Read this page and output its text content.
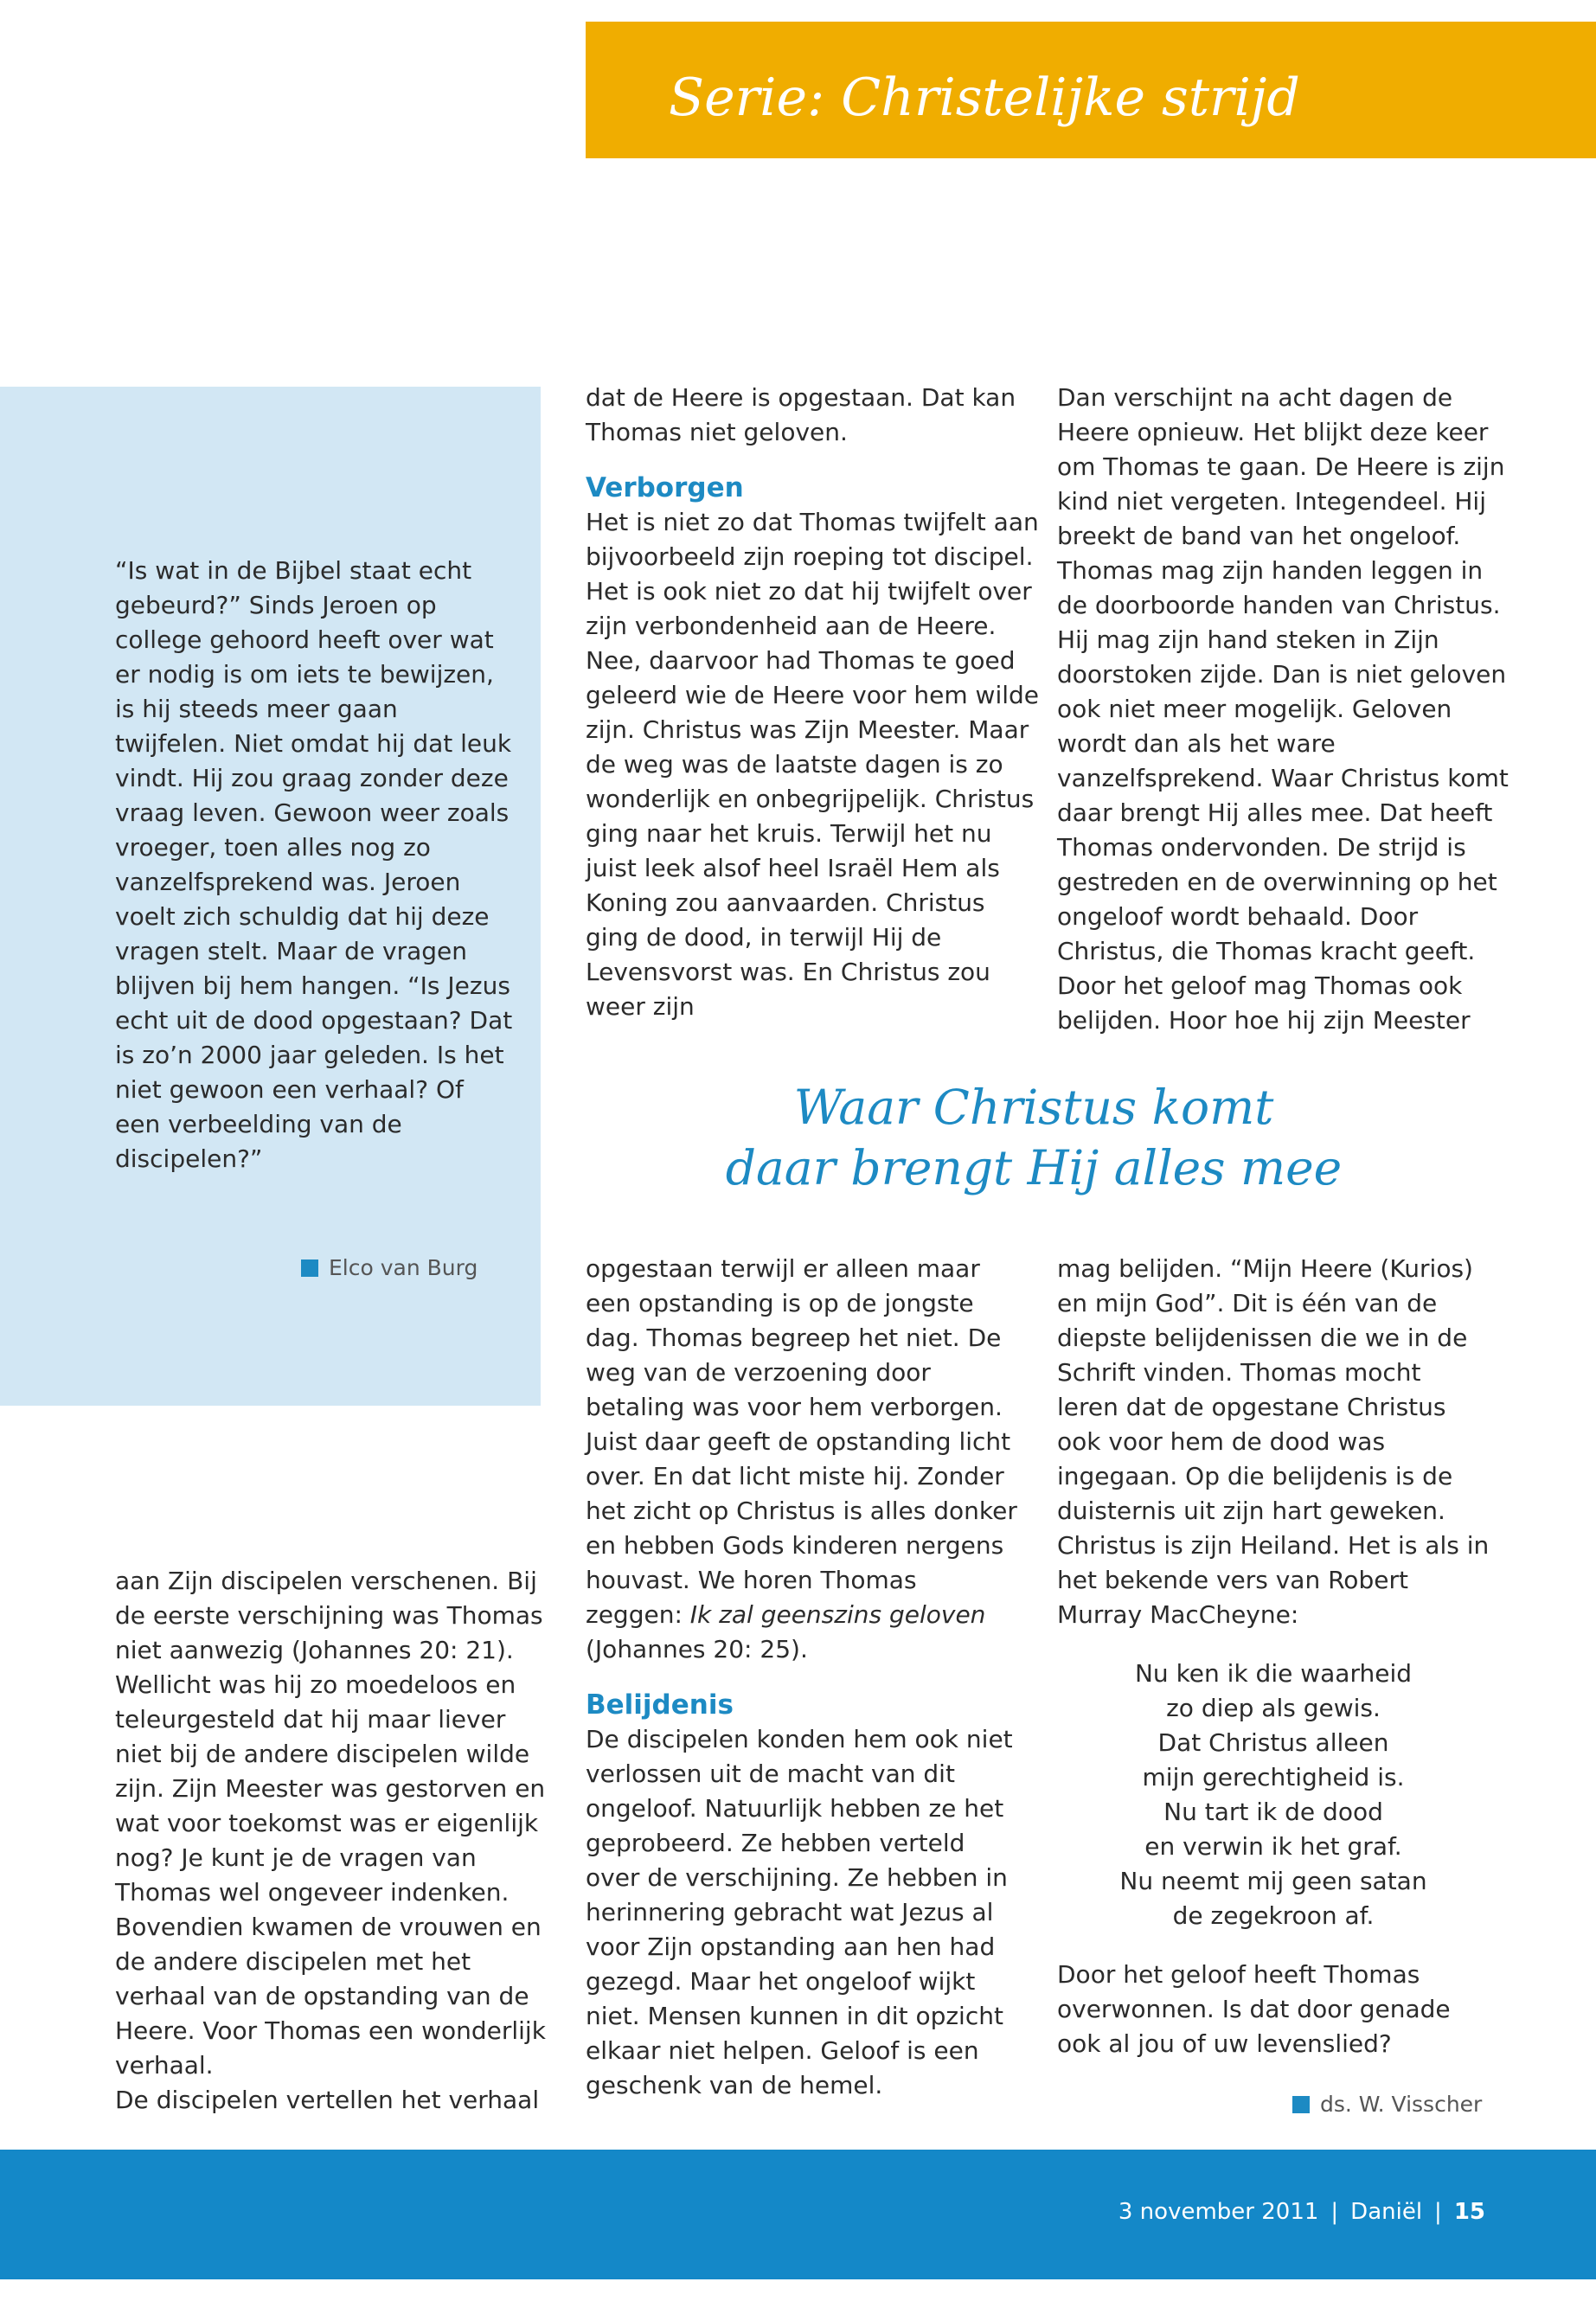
Serie: Christelijke strijd

“Is wat in de Bijbel staat echt gebeurd?” Sinds Jeroen op college gehoord heeft over wat er nodig is om iets te bewijzen, is hij steeds meer gaan twijfelen. Niet omdat hij dat leuk vindt. Hij zou graag zonder deze vraag leven. Gewoon weer zoals vroeger, toen alles nog zo vanzelfsprekend was. Jeroen voelt zich schuldig dat hij deze vragen stelt. Maar de vragen blijven bij hem hangen. “Is Jezus echt uit de dood opgestaan? Dat is zo’n 2000 jaar geleden. Is het niet gewoon een verhaal? Of een verbeelding van de discipelen?”

Elco van Burg

dat de Heere is opgestaan. Dat kan Thomas niet geloven.

Verborgen

Het is niet zo dat Thomas twijfelt aan bijvoorbeeld zijn roeping tot discipel. Het is ook niet zo dat hij twijfelt over zijn verbondenheid aan de Heere. Nee, daarvoor had Thomas te goed geleerd wie de Heere voor hem wilde zijn. Christus was Zijn Meester. Maar de weg was de laatste dagen is zo wonderlijk en onbegrijpelijk. Christus ging naar het kruis. Terwijl het nu juist leek alsof heel Israël Hem als Koning zou aanvaarden. Christus ging de dood, in terwijl Hij de Levensvorst was. En Christus zou weer zijn

Dan verschijnt na acht dagen de Heere opnieuw. Het blijkt deze keer om Thomas te gaan. De Heere is zijn kind niet vergeten. Integendeel. Hij breekt de band van het ongeloof. Thomas mag zijn handen leggen in de doorboorde handen van Christus. Hij mag zijn hand steken in Zijn doorstoken zijde. Dan is niet geloven ook niet meer mogelijk. Geloven wordt dan als het ware vanzelfsprekend. Waar Christus komt daar brengt Hij alles mee. Dat heeft Thomas ondervonden. De strijd is gestreden en de overwinning op het ongeloof wordt behaald. Door Christus, die Thomas kracht geeft. Door het geloof mag Thomas ook belijden. Hoor hoe hij zijn Meester

Waar Christus komt
daar brengt Hij alles mee

aan Zijn discipelen verschenen. Bij de eerste verschijning was Thomas niet aanwezig (Johannes 20: 21). Wellicht was hij zo moedeloos en teleurgesteld dat hij maar liever niet bij de andere discipelen wilde zijn. Zijn Meester was gestorven en wat voor toekomst was er eigenlijk nog? Je kunt je de vragen van Thomas wel ongeveer indenken. Bovendien kwamen de vrouwen en de andere discipelen met het verhaal van de opstanding van de Heere. Voor Thomas een wonderlijk verhaal.

De discipelen vertellen het verhaal

opgestaan terwijl er alleen maar een opstanding is op de jongste dag. Thomas begreep het niet. De weg van de verzoening door betaling was voor hem verborgen. Juist daar geeft de opstanding licht over. En dat licht miste hij. Zonder het zicht op Christus is alles donker en hebben Gods kinderen nergens houvast. We horen Thomas zeggen: Ik zal geenszins geloven (Johannes 20: 25).

Belijdenis

De discipelen konden hem ook niet verlossen uit de macht van dit ongeloof. Natuurlijk hebben ze het geprobeerd. Ze hebben verteld over de verschijning. Ze hebben in herinnering gebracht wat Jezus al voor Zijn opstanding aan hen had gezegd. Maar het ongeloof wijkt niet. Mensen kunnen in dit opzicht elkaar niet helpen. Geloof is een geschenk van de hemel.

mag belijden. “Mijn Heere (Kurios) en mijn God”. Dit is één van de diepste belijdenissen die we in de Schrift vinden. Thomas mocht leren dat de opgestane Christus ook voor hem de dood was ingegaan. Op die belijdenis is de duisternis uit zijn hart geweken. Christus is zijn Heiland. Het is als in het bekende vers van Robert Murray MacCheyne:

Nu ken ik die waarheid
zo diep als gewis.
Dat Christus alleen
mijn gerechtigheid is.
Nu tart ik de dood
en verwin ik het graf.
Nu neemt mij geen satan
de zegekroon af.

Door het geloof heeft Thomas overwonnen. Is dat door genade ook al jou of uw levenslied?

ds. W. Visscher
3 november 2011 | Daniël | 15
